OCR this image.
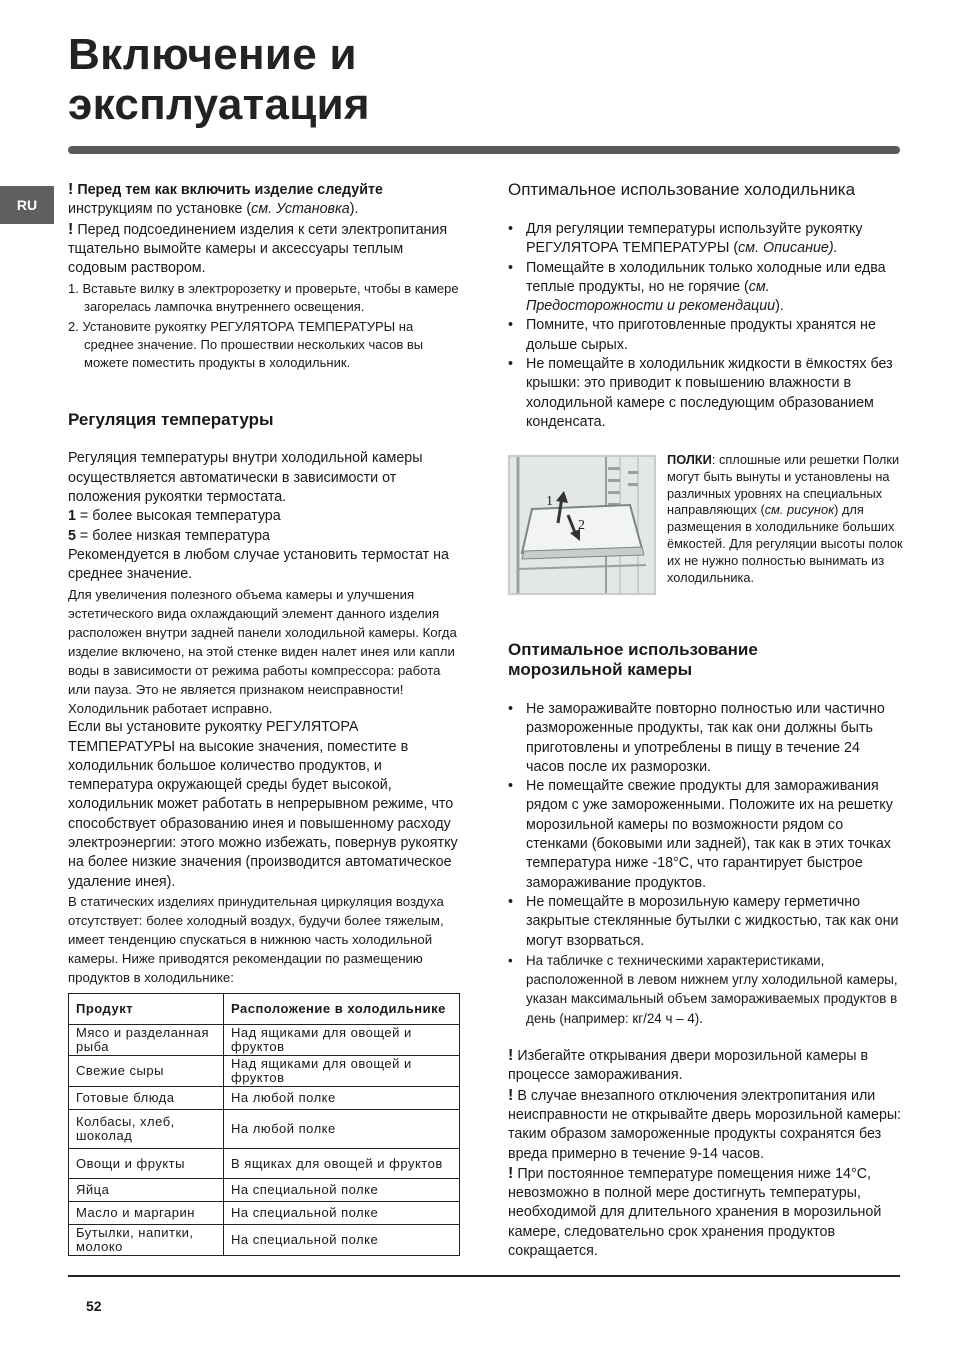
Включение и
эксплуатация
RU

! Перед тем как включить изделие следуйте
инструкциям по установке (см. Установка).

! Перед подсоединением изделия к сети электропитания тщательно вымойте камеры и аксессуары теплым содовым раствором.

1. Вставьте вилку в электророзетку и проверьте, чтобы в камере загорелась лампочка внутреннего освещения.
2. Установите рукоятку РЕГУЛЯТОРА ТЕМПЕРАТУРЫ на среднее значение. По прошествии нескольких часов вы можете поместить продукты в холодильник.
Регуляция температуры

Регуляция температуры внутри холодильной камеры осуществляется автоматически в зависимости от положения рукоятки термостата.

1 = более высокая температура

5 = более низкая температура

Рекомендуется в любом случае установить термостат на среднее значение.

Для увеличения полезного объема камеры и улучшения эстетического вида охлаждающий элемент данного изделия расположен внутри задней панели холодильной камеры. Когда изделие включено, на этой стенке виден налет инея или капли воды в зависимости от режима работы компрессора: работа или пауза. Это не является признаком неисправности! Холодильник работает исправно.

Если вы установите рукоятку РЕГУЛЯТОРА ТЕМПЕРАТУРЫ на высокие значения, поместите в холодильник большое количество продуктов, и температура окружающей среды будет высокой, холодильник может работать в непрерывном режиме, что способствует образованию инея и повышенному расходу электроэнергии: этого можно избежать, повернув рукоятку на более низкие значения (производится автоматическое удаление инея).

В статических изделиях принудительная циркуляция воздуха отсутствует: более холодный воздух, будучи более тяжелым, имеет тенденцию спускаться в нижнюю часть холодильной камеры. Ниже приводятся рекомендации по размещению продуктов в холодильнике:

Продукт	Расположение в холодильнике
Мясо и разделанная рыба	Над ящиками для овощей и фруктов
Свежие сыры	Над ящиками для овощей и фруктов
Готовые блюда	На любой полке
Колбасы, хлеб, шоколад	На любой полке
Овощи и фрукты	В ящиках для овощей и фруктов
Яйца	На специальной полке
Масло и маргарин	На специальной полке
Бутылки, напитки, молоко	На специальной полке
Оптимальное использование холодильника
• Для регуляции температуры используйте рукоятку РЕГУЛЯТОРА ТЕМПЕРАТУРЫ (см. Описание).
• Помещайте в холодильник только холодные или едва теплые продукты, но не горячие (см. Предосторожности и рекомендации).
• Помните, что приготовленные продукты хранятся не дольше сырых.
• Не помещайте в холодильник жидкости в ёмкостях без крышки: это приводит к повышению влажности в холодильной камере с последующим образованием конденсата.
1
2
ПОЛКИ: сплошные или решетки Полки могут быть вынуты и установлены на различных уровнях на специальных направляющих (см. рисунок) для размещения в холодильнике больших ёмкостей. Для регуляции высоты полок их не нужно полностью вынимать из холодильника.
Оптимальное использование
морозильной камеры
• Не замораживайте повторно полностью или частично размороженные продукты, так как они должны быть приготовлены и употреблены в пищу в течение 24 часов после их разморозки.
• Не помещайте свежие продукты для замораживания рядом с уже замороженными. Положите их на решетку морозильной камеры по возможности рядом со стенками (боковыми или задней), так как в этих точках температура ниже -18°С, что гарантирует быстрое замораживание продуктов.
• Не помещайте в морозильную камеру герметично закрытые стеклянные бутылки с жидкостью, так как они могут взорваться.
• На табличке с техническими характеристиками, расположенной в левом нижнем углу холодильной камеры, указан максимальный объем замораживаемых продуктов в день (например: кг/24 ч – 4).

! Избегайте открывания двери морозильной камеры в процессе замораживания.

! В случае внезапного отключения электропитания или неисправности не открывайте дверь морозильной камеры: таким образом замороженные продукты сохранятся без вреда примерно в течение 9-14 часов.

! При постоянное температуре помещения ниже 14°С, невозможно в полной мере достигнуть температуры, необходимой для длительного хранения в морозильной камере, следовательно срок хранения продуктов сокращается.

52
